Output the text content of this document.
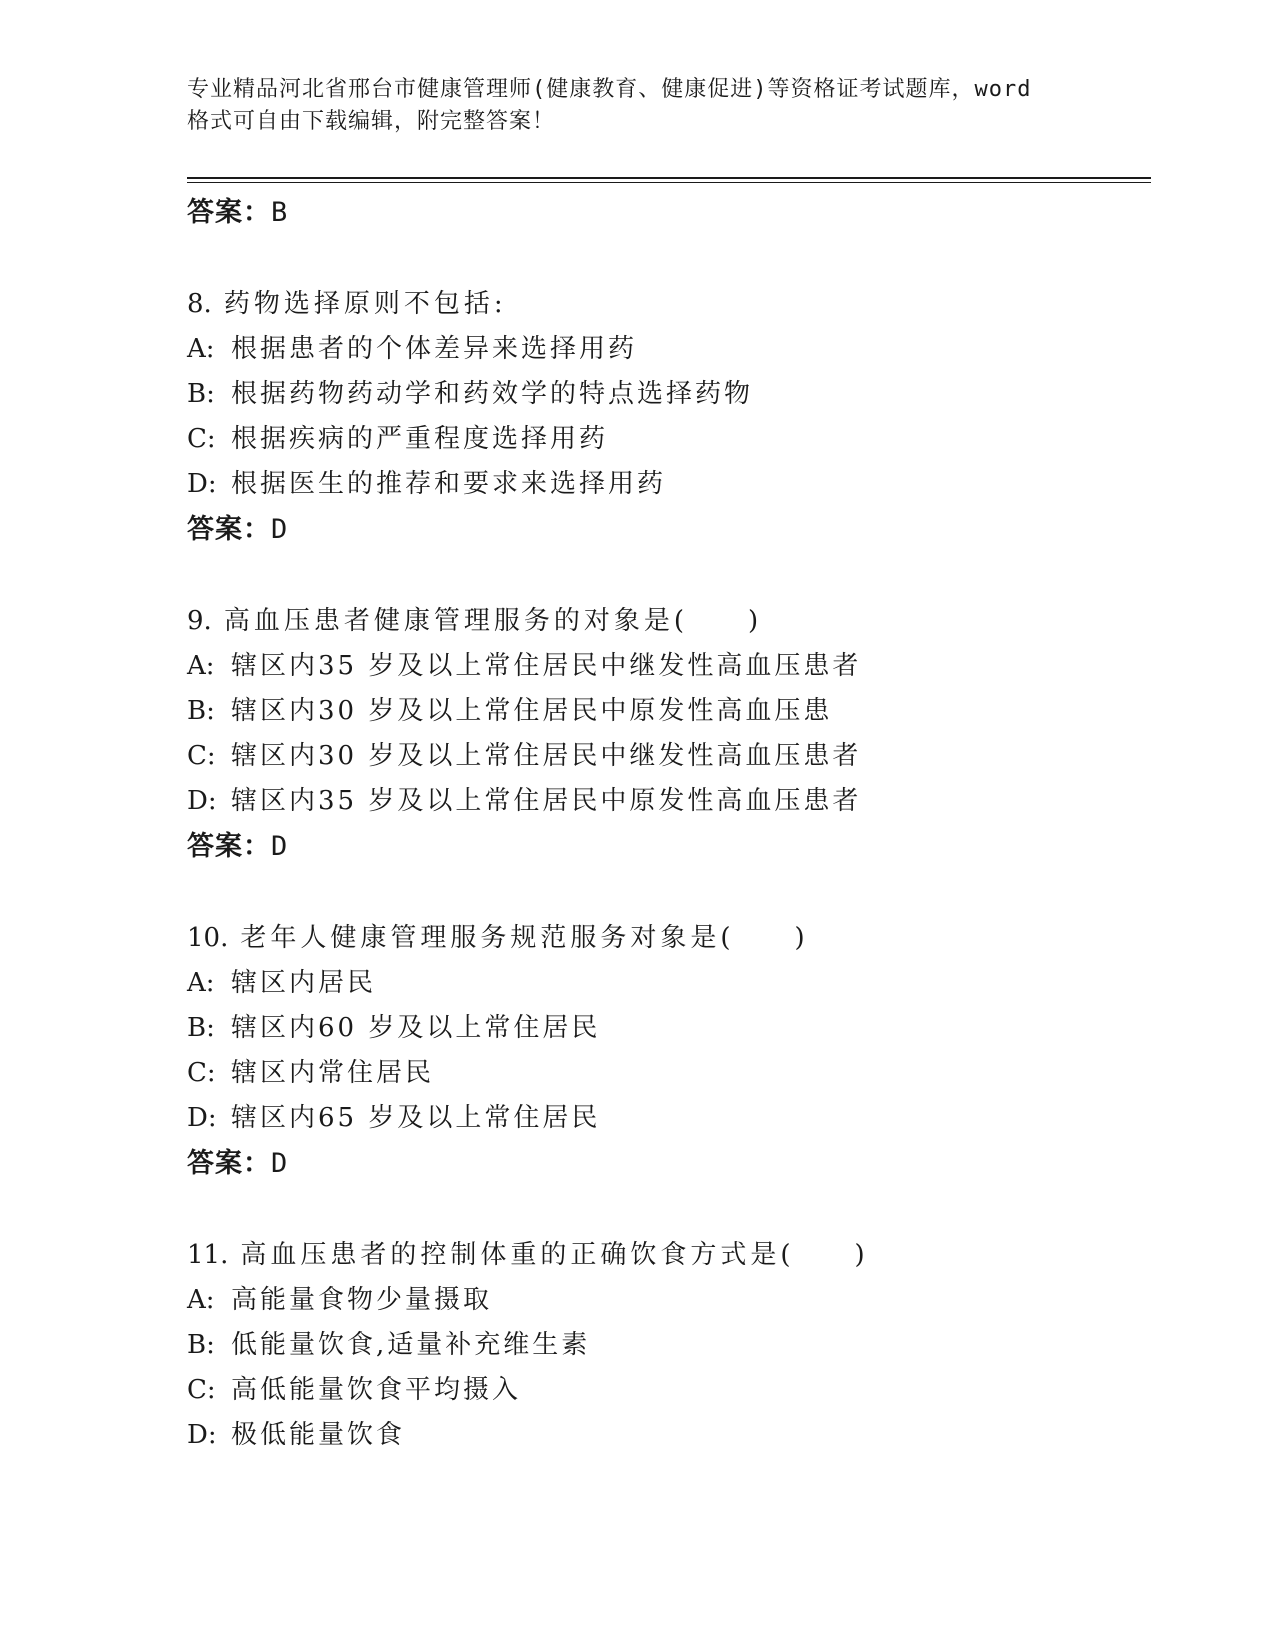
专业精品河北省邢台市健康管理师(健康教育、健康促进)等资格证考试题库，word
格式可自由下载编辑，附完整答案！
答案：B
8. 药物选择原则不包括:
A: 根据患者的个体差异来选择用药
B: 根据药物药动学和药效学的特点选择药物
C: 根据疾病的严重程度选择用药
D: 根据医生的推荐和要求来选择用药
答案：D
9. 高血压患者健康管理服务的对象是(　　)
A: 辖区内35 岁及以上常住居民中继发性高血压患者
B: 辖区内30 岁及以上常住居民中原发性高血压患
C: 辖区内30 岁及以上常住居民中继发性高血压患者
D: 辖区内35 岁及以上常住居民中原发性高血压患者
答案：D
10. 老年人健康管理服务规范服务对象是(　　)
A: 辖区内居民
B: 辖区内60 岁及以上常住居民
C: 辖区内常住居民
D: 辖区内65 岁及以上常住居民
答案：D
11. 高血压患者的控制体重的正确饮食方式是(　　)
A: 高能量食物少量摄取
B: 低能量饮食,适量补充维生素
C: 高低能量饮食平均摄入
D: 极低能量饮食
